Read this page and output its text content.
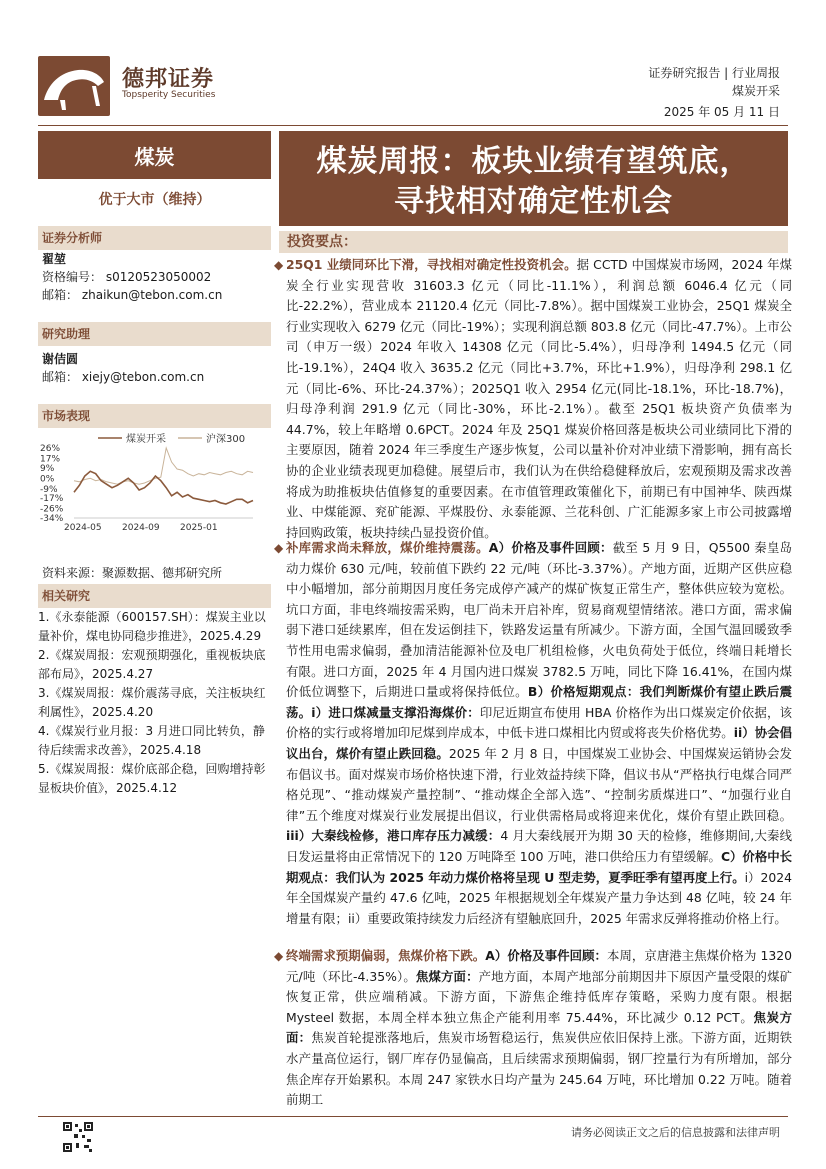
德邦证券
Topsperity Securities
证券研究报告 | 行业周报
煤炭开采
2025 年 05 月 11 日
煤炭
优于大市（维持）
证券分析师
翟堃
资格编号： s0120523050002
邮箱： zhaikun@tebon.com.cn
研究助理
谢佶圆
邮箱： xiejy@tebon.com.cn
市场表现
煤炭开采	沪深300
26%
17%
9%
0%
-9%
-17%
-26%
-34%
2024-05 2024-09 2025-01
资料来源：聚源数据、德邦研究所
相关研究
1.《永泰能源（600157.SH）：煤炭主业以量补价，煤电协同稳步推进》，2025.4.29
2.《煤炭周报：宏观预期强化，重视板块底部布局》，2025.4.27
3.《煤炭周报：煤价震荡寻底，关注板块红利属性》，2025.4.20
4.《煤炭行业月报：3 月进口同比转负，静待后续需求改善》，2025.4.18
5.《煤炭周报：煤价底部企稳，回购增持彰显板块价值》，2025.4.12
煤炭周报：板块业绩有望筑底，
寻找相对确定性机会
投资要点：
◆ 25Q1 业绩同环比下滑，寻找相对确定性投资机会。据 CCTD 中国煤炭市场网，2024 年煤炭全行业实现营收 31603.3 亿元（同比-11.1%），利润总额 6046.4 亿元（同比-22.2%），营业成本 21120.4 亿元（同比-7.8%）。据中国煤炭工业协会，25Q1 煤炭全行业实现收入 6279 亿元（同比-19%）；实现利润总额 803.8 亿元（同比-47.7%）。上市公司（申万一级）2024 年收入 14308 亿元（同比-5.4%），归母净利 1494.5 亿元（同比-19.1%），24Q4 收入 3635.2 亿元（同比+3.7%，环比+1.9%），归母净利 298.1 亿元（同比-6%、环比-24.37%）；2025Q1 收入 2954 亿元(同比-18.1%，环比-18.7%)，归母净利润 291.9 亿元（同比-30%，环比-2.1%）。截至 25Q1 板块资产负债率为 44.7%，较上年略增 0.6PCT。2024 年及 25Q1 煤炭价格回落是板块公司业绩同比下滑的主要原因，随着 2024 年三季度生产逐步恢复，公司以量补价对冲业绩下滑影响，拥有高长协的企业业绩表现更加稳健。展望后市，我们认为在供给稳健释放后，宏观预期及需求改善将成为助推板块估值修复的重要因素。在市值管理政策催化下，前期已有中国神华、陕西煤业、中煤能源、兖矿能源、平煤股份、永泰能源、兰花科创、广汇能源多家上市公司披露增持回购政策，板块持续凸显投资价值。
◆ 补库需求尚未释放，煤价维持震荡。A）价格及事件回顾：截至 5 月 9 日，Q5500 秦皇岛动力煤价 630 元/吨，较前值下跌约 22 元/吨（环比-3.37%）。产地方面，近期产区供应稳中小幅增加，部分前期因月度任务完成停产减产的煤矿恢复正常生产，整体供应较为宽松。坑口方面，非电终端按需采购，电厂尚未开启补库，贸易商观望情绪浓。港口方面，需求偏弱下港口延续累库，但在发运倒挂下，铁路发运量有所减少。下游方面，全国气温回暖致季节性用电需求偏弱，叠加清洁能源补位及电厂机组检修，火电负荷处于低位，终端日耗增长有限。进口方面，2025 年 4 月国内进口煤炭 3782.5 万吨，同比下降 16.41%，在国内煤价低位调整下，后期进口量或将保持低位。B）价格短期观点：我们判断煤价有望止跌后震荡。i）进口煤减量支撑沿海煤价：印尼近期宣布使用 HBA 价格作为出口煤炭定价依据，该价格的实行或将增加印尼煤到岸成本，中低卡进口煤相比内贸或将丧失价格优势。ii）协会倡议出台，煤价有望止跌回稳。2025 年 2 月 8 日，中国煤炭工业协会、中国煤炭运销协会发布倡议书。面对煤炭市场价格快速下滑，行业效益持续下降，倡议书从“严格执行电煤合同严格兑现”、“推动煤炭产量控制”、“推动煤企全部入选”、“控制劣质煤进口”、“加强行业自律”五个维度对煤炭行业发展提出倡议，行业供需格局或将迎来优化，煤价有望止跌回稳。iii）大秦线检修，港口库存压力减缓：4 月大秦线展开为期 30 天的检修，维修期间,大秦线日发运量将由正常情况下的 120 万吨降至 100 万吨，港口供给压力有望缓解。C）价格中长期观点：我们认为 2025 年动力煤价格将呈现 U 型走势，夏季旺季有望再度上行。i）2024 年全国煤炭产量约 47.6 亿吨，2025 年根据规划全年煤炭产量力争达到 48 亿吨，较 24 年增量有限；ii）重要政策持续发力后经济有望触底回升，2025 年需求反弹将推动价格上行。
◆ 终端需求预期偏弱，焦煤价格下跌。A）价格及事件回顾：本周，京唐港主焦煤价格为 1320 元/吨（环比-4.35%）。焦煤方面：产地方面，本周产地部分前期因井下原因产量受限的煤矿恢复正常，供应端稍减。下游方面，下游焦企维持低库存策略，采购力度有限。根据 Mysteel 数据，本周全样本独立焦企产能利用率 75.44%，环比减少 0.12 PCT。焦炭方面：焦炭首轮提涨落地后，焦炭市场暂稳运行，焦炭供应依旧保持上涨。下游方面，近期铁水产量高位运行，钢厂库存仍显偏高，且后续需求预期偏弱，钢厂控量行为有所增加，部分焦企库存开始累积。本周 247 家铁水日均产量为 245.64 万吨，环比增加 0.22 万吨。随着前期工
请务必阅读正文之后的信息披露和法律声明
